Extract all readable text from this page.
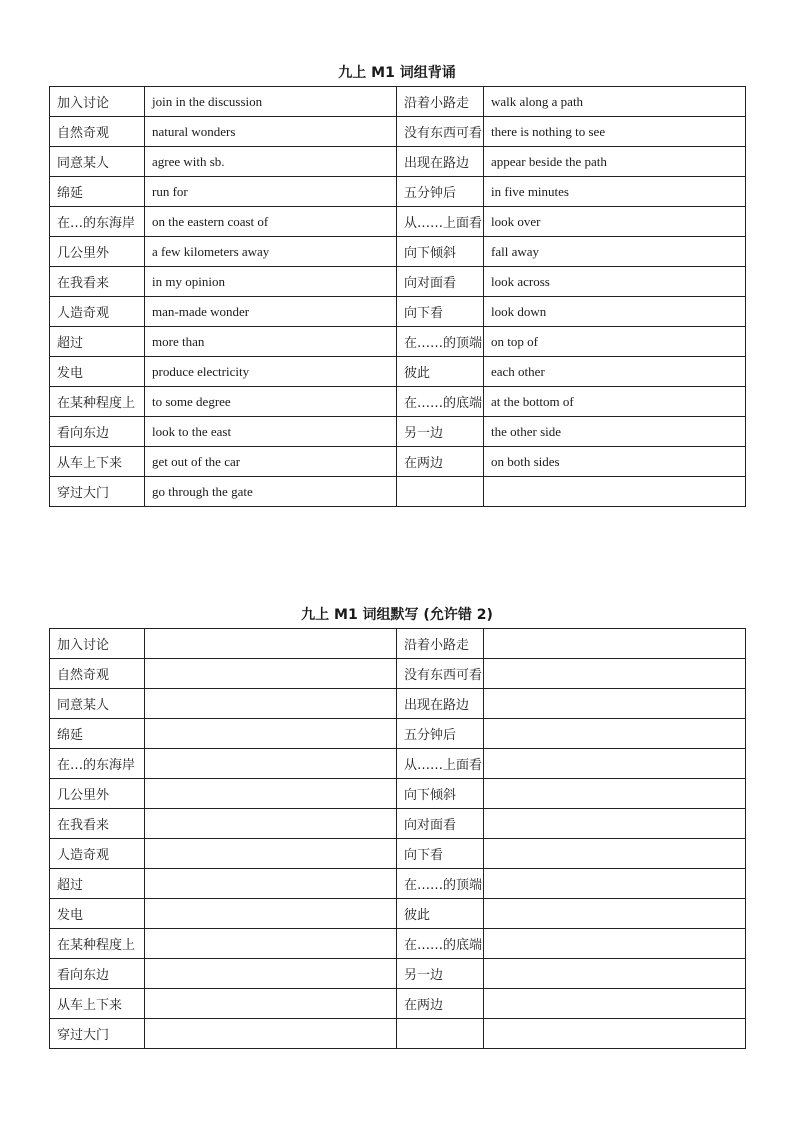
九上 M1 词组背诵
加入讨论	join in the discussion	沿着小路走	walk along a path
自然奇观	natural wonders	没有东西可看	there is nothing to see
同意某人	agree with sb.	出现在路边	appear beside the path
绵延	run for	五分钟后	in five minutes
在…的东海岸	on the eastern coast of	从……上面看	look over
几公里外	a few kilometers away	向下倾斜	fall away
在我看来	in my opinion	向对面看	look across
人造奇观	man-made wonder	向下看	look down
超过	more than	在……的顶端	on top of
发电	produce electricity	彼此	each other
在某种程度上	to some degree	在……的底端	at the bottom of
看向东边	look to the east	另一边	the other side
从车上下来	get out of the car	在两边	on both sides
穿过大门	go through the gate		
九上 M1 词组默写 (允许错 2)
加入讨论		沿着小路走	
自然奇观		没有东西可看	
同意某人		出现在路边	
绵延		五分钟后	
在…的东海岸		从……上面看	
几公里外		向下倾斜	
在我看来		向对面看	
人造奇观		向下看	
超过		在……的顶端	
发电		彼此	
在某种程度上		在……的底端	
看向东边		另一边	
从车上下来		在两边	
穿过大门			
